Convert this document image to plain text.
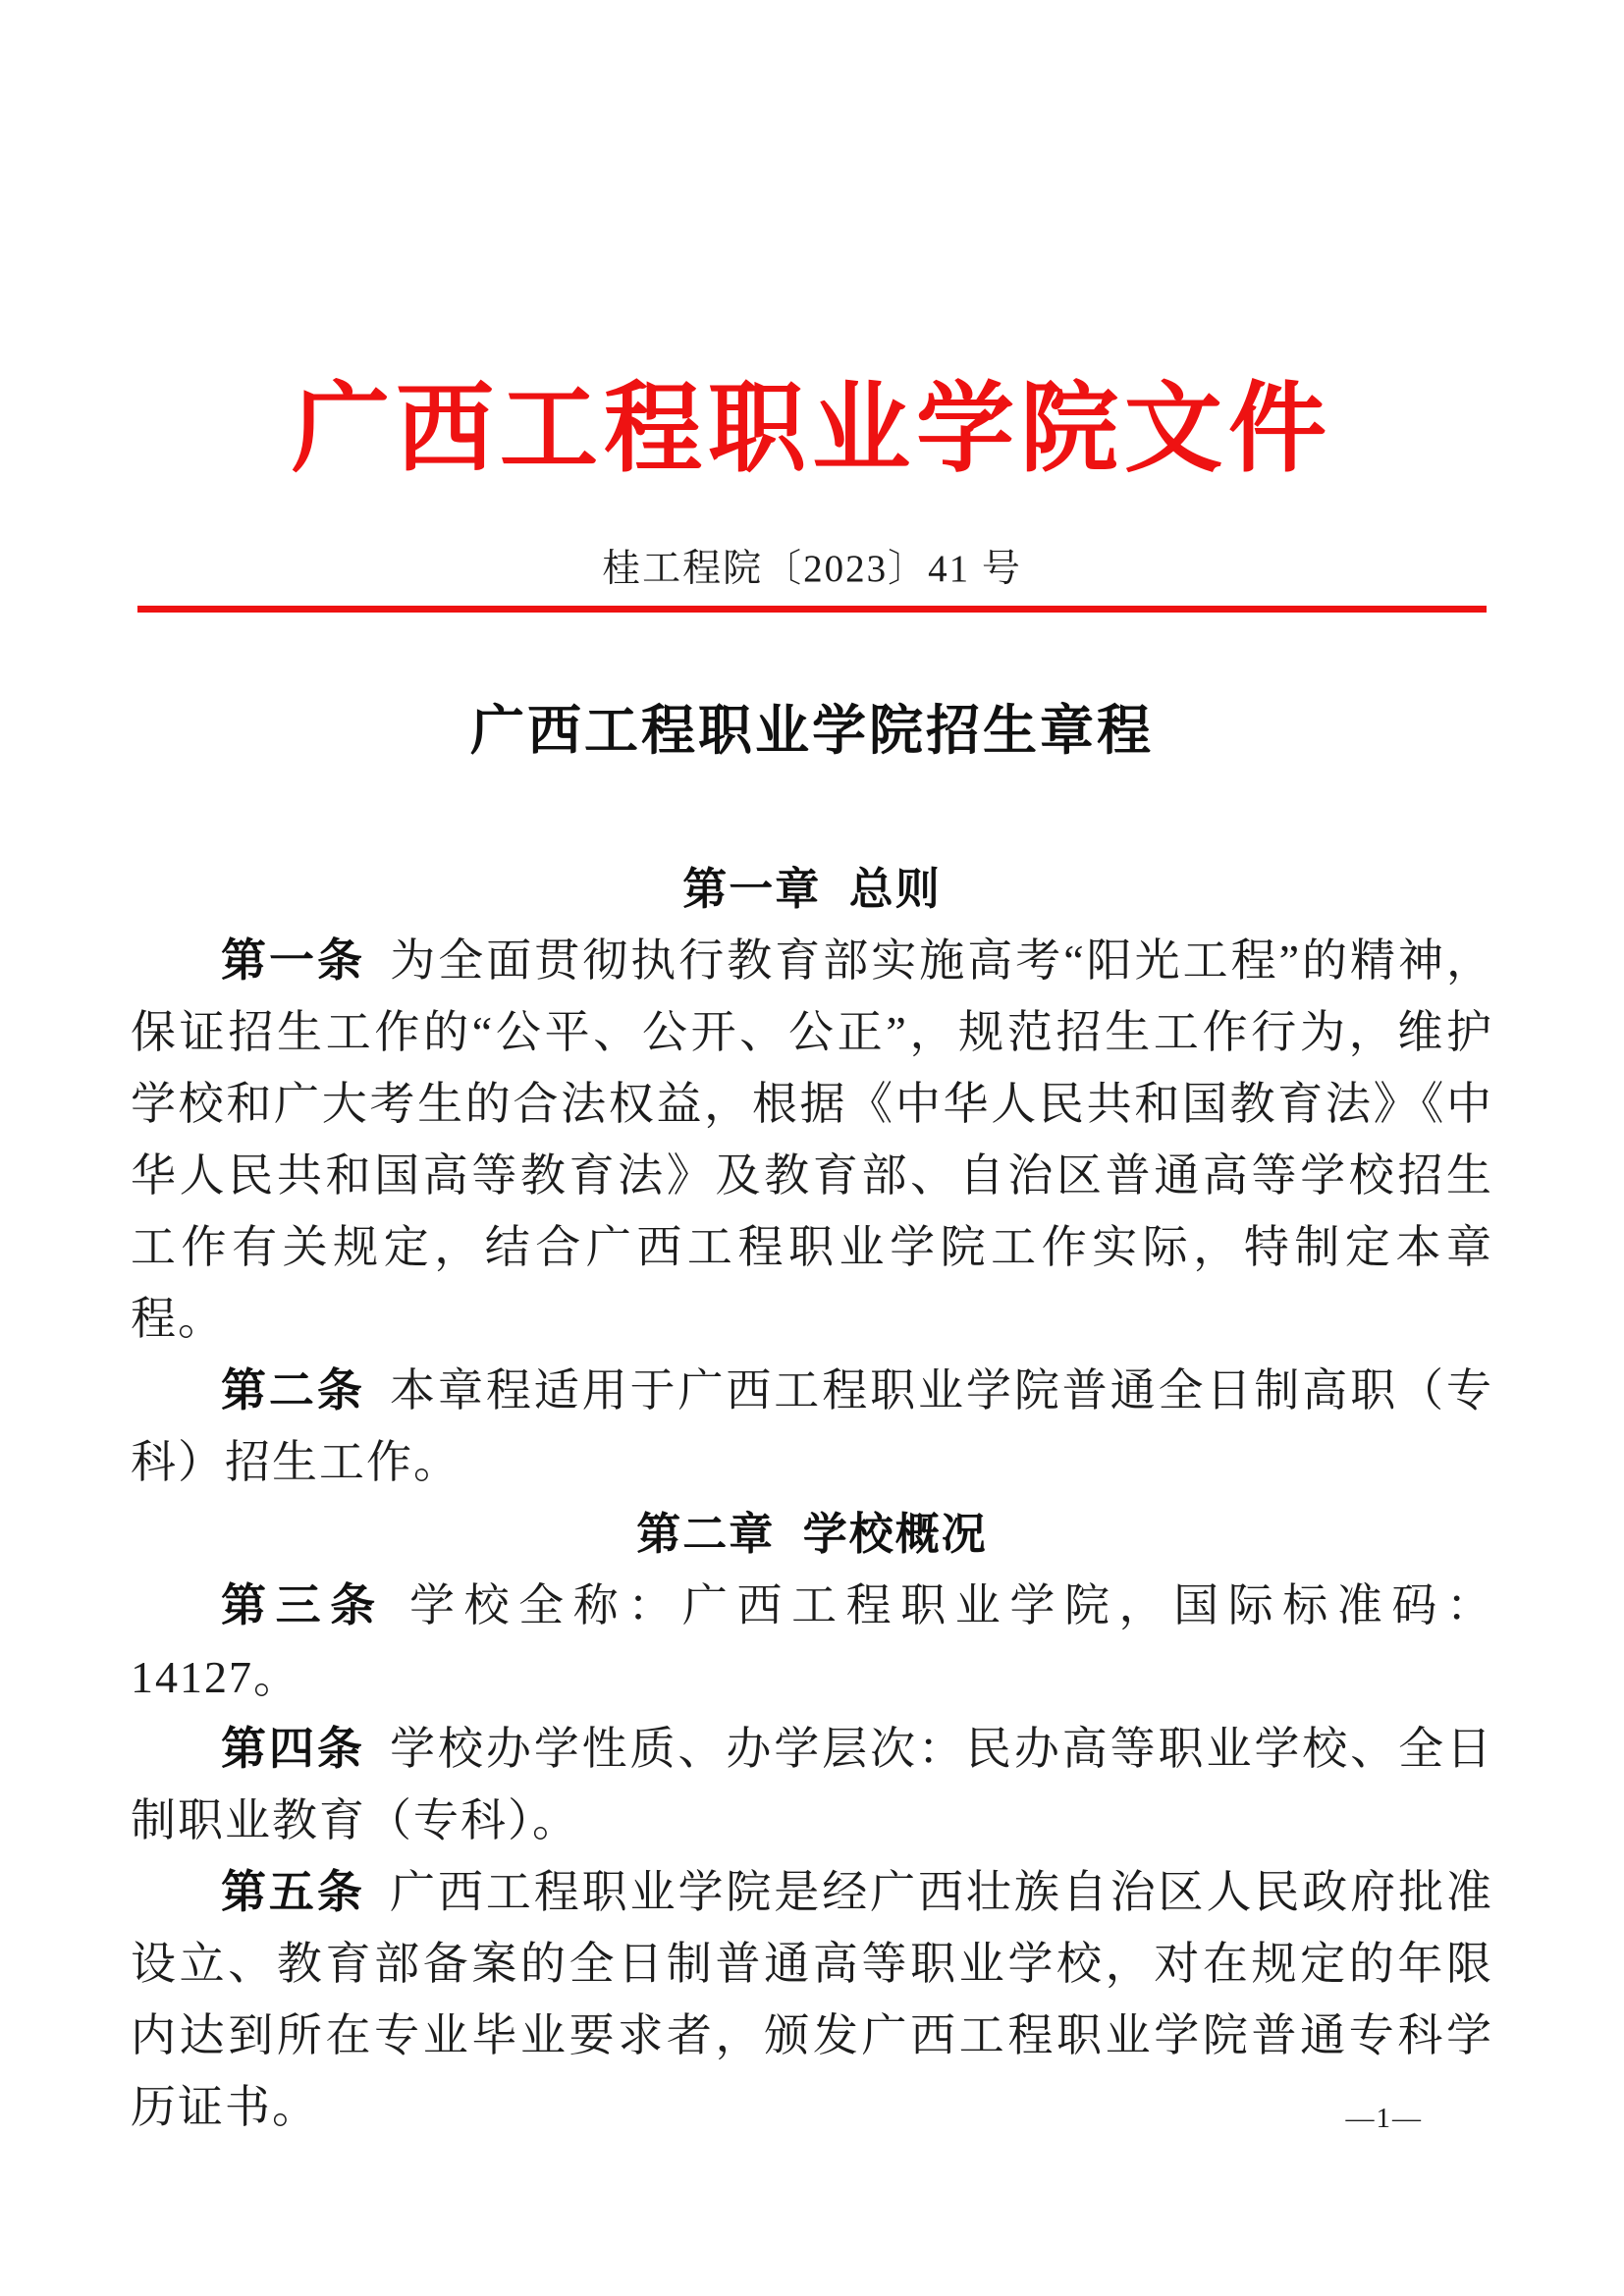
广西工程职业学院文件
桂工程院〔2023〕41 号
广西工程职业学院招生章程
第一章 总则

第一条 为全面贯彻执行教育部实施高考“阳光工程”的精神，保证招生工作的“公平、公开、公正”，规范招生工作行为，维护学校和广大考生的合法权益，根据《中华人民共和国教育法》《中华人民共和国高等教育法》及教育部、自治区普通高等学校招生工作有关规定，结合广西工程职业学院工作实际，特制定本章程。

第二条 本章程适用于广西工程职业学院普通全日制高职（专科）招生工作。

第二章 学校概况

第三条 学校全称：广西工程职业学院，国际标准码：14127。

第四条 学校办学性质、办学层次：民办高等职业学校、全日制职业教育（专科）。

第五条 广西工程职业学院是经广西壮族自治区人民政府批准设立、教育部备案的全日制普通高等职业学校，对在规定的年限内达到所在专业毕业要求者，颁发广西工程职业学院普通专科学历证书。	—1—
